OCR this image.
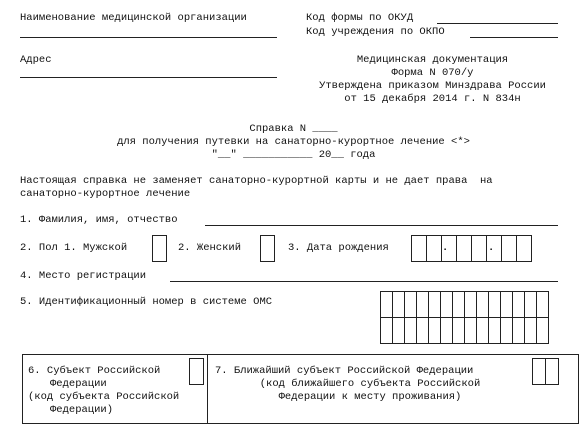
Наименование медицинской организации	Код формы по ОКУД
Код учреждения по ОКПО
Адрес	Медицинская документация
Форма N 070/у
Утверждена приказом Минздрава России
от 15 декабря 2014 г. N 834н
Справка N ____
для получения путевки на санаторно-курортное лечение <*>
"__" ___________ 20__ года
Настоящая справка не заменяет санаторно-курортной карты и не дает права  на
санаторно-курортное лечение
1. Фамилия, имя, отчество
2. Пол 1. Мужской	2. Женский	3. Дата рождения	.	.
4. Место регистрации
5. Идентификационный номер в системе ОМС
6. Субъект Российской
Федерации
(код субъекта Российской
Федерации)
7. Ближайший субъект Российской Федерации
(код ближайшего субъекта Российской
Федерации к месту проживания)
